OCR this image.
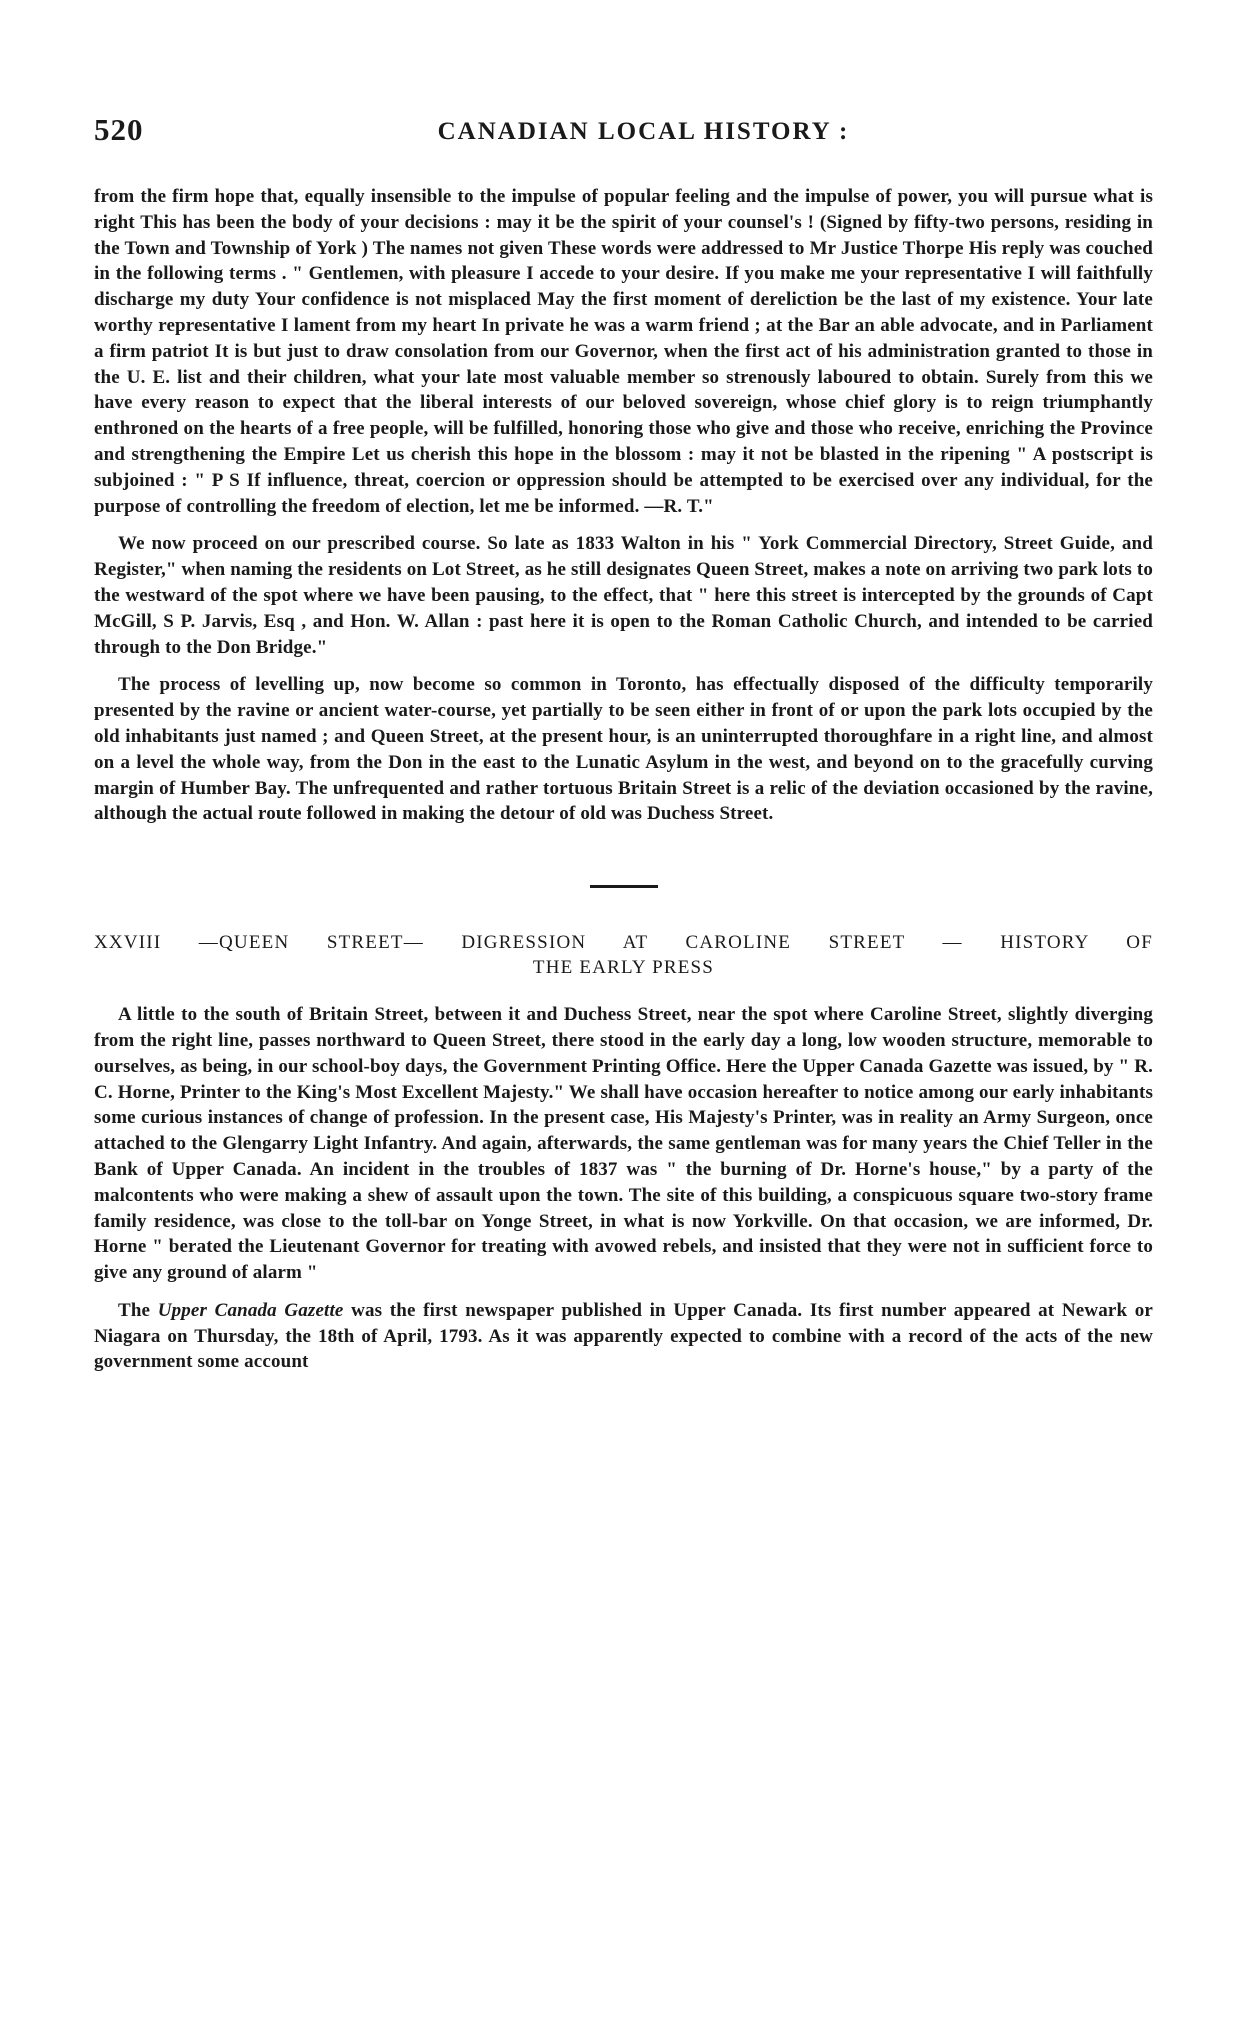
520	CANADIAN LOCAL HISTORY :

from the firm hope that, equally insensible to the impulse of popular feeling and the impulse of power, you will pursue what is right This has been the body of your decisions : may it be the spirit of your counsel's ! (Signed by fifty-two persons, residing in the Town and Township of York ) The names not given These words were addressed to Mr Justice Thorpe His reply was couched in the following terms . " Gentlemen, with pleasure I accede to your desire. If you make me your representative I will faithfully discharge my duty Your confidence is not misplaced May the first moment of dereliction be the last of my existence. Your late worthy representative I lament from my heart In private he was a warm friend ; at the Bar an able advocate, and in Parliament a firm patriot It is but just to draw consolation from our Governor, when the first act of his administration granted to those in the U. E. list and their children, what your late most valuable member so strenously laboured to obtain. Surely from this we have every reason to expect that the liberal interests of our beloved sovereign, whose chief glory is to reign triumphantly enthroned on the hearts of a free people, will be fulfilled, honoring those who give and those who receive, enriching the Province and strengthening the Empire Let us cherish this hope in the blossom : may it not be blasted in the ripening " A postscript is subjoined : " P S If influence, threat, coercion or oppression should be attempted to be exercised over any individual, for the purpose of controlling the freedom of election, let me be informed. —R. T."

We now proceed on our prescribed course. So late as 1833 Walton in his " York Commercial Directory, Street Guide, and Register," when naming the residents on Lot Street, as he still designates Queen Street, makes a note on arriving two park lots to the westward of the spot where we have been pausing, to the effect, that " here this street is intercepted by the grounds of Capt McGill, S P. Jarvis, Esq , and Hon. W. Allan : past here it is open to the Roman Catholic Church, and intended to be carried through to the Don Bridge."

The process of levelling up, now become so common in Toronto, has effectually disposed of the difficulty temporarily presented by the ravine or ancient water-course, yet partially to be seen either in front of or upon the park lots occupied by the old inhabitants just named ; and Queen Street, at the present hour, is an uninterrupted thoroughfare in a right line, and almost on a level the whole way, from the Don in the east to the Lunatic Asylum in the west, and beyond on to the gracefully curving margin of Humber Bay. The unfrequented and rather tortuous Britain Street is a relic of the deviation occasioned by the ravine, although the actual route followed in making the detour of old was Duchess Street.

XXVIII —QUEEN STREET— DIGRESSION AT CAROLINE STREET — HISTORY OF
THE EARLY PRESS

A little to the south of Britain Street, between it and Duchess Street, near the spot where Caroline Street, slightly diverging from the right line, passes northward to Queen Street, there stood in the early day a long, low wooden structure, memorable to ourselves, as being, in our school-boy days, the Government Printing Office. Here the Upper Canada Gazette was issued, by " R. C. Horne, Printer to the King's Most Excellent Majesty." We shall have occasion hereafter to notice among our early inhabitants some curious instances of change of profession. In the present case, His Majesty's Printer, was in reality an Army Surgeon, once attached to the Glengarry Light Infantry. And again, afterwards, the same gentleman was for many years the Chief Teller in the Bank of Upper Canada. An incident in the troubles of 1837 was " the burning of Dr. Horne's house," by a party of the malcontents who were making a shew of assault upon the town. The site of this building, a conspicuous square two-story frame family residence, was close to the toll-bar on Yonge Street, in what is now Yorkville. On that occasion, we are informed, Dr. Horne " berated the Lieutenant Governor for treating with avowed rebels, and insisted that they were not in sufficient force to give any ground of alarm "

The Upper Canada Gazette was the first newspaper published in Upper Canada. Its first number appeared at Newark or Niagara on Thursday, the 18th of April, 1793. As it was apparently expected to combine with a record of the acts of the new government some account
